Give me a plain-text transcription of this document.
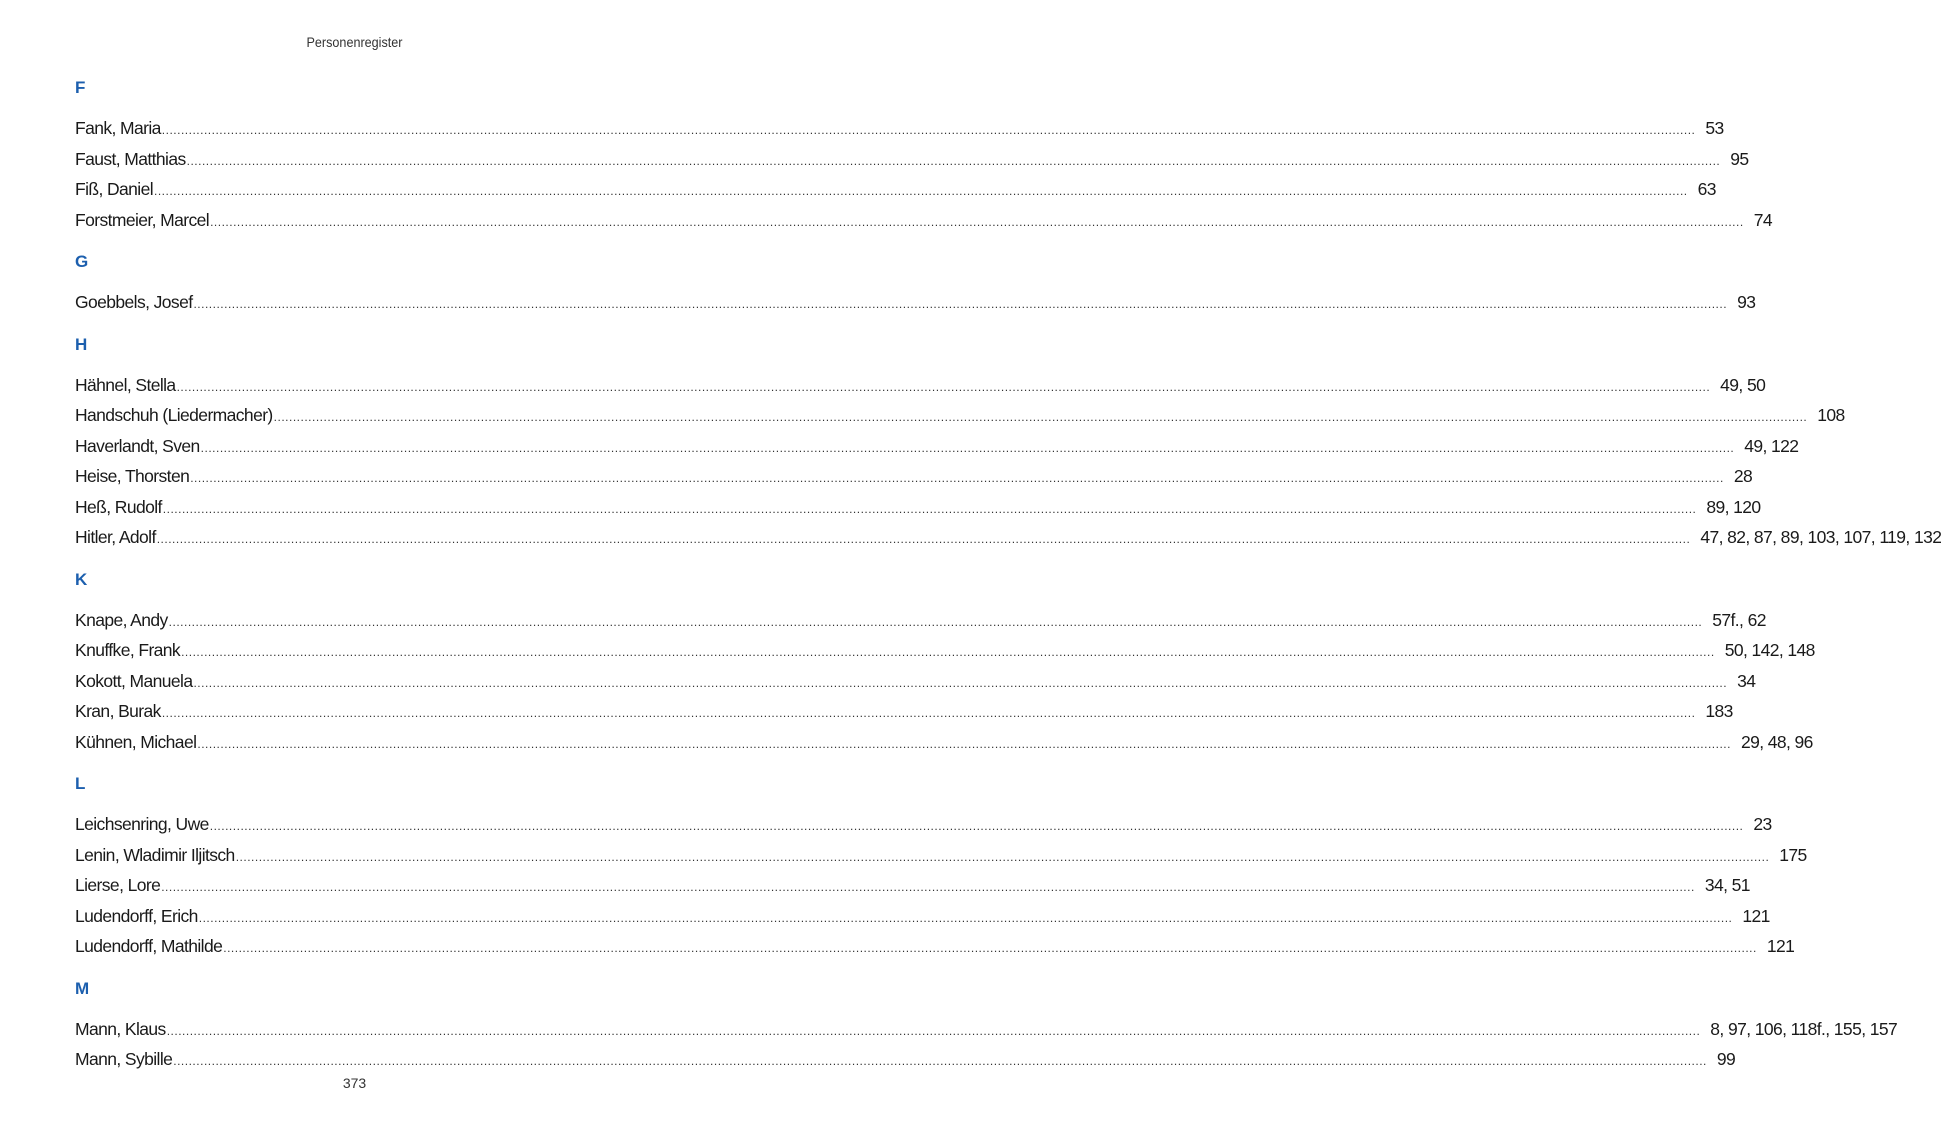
Personenregister
F
Fank, Maria ................................................................................................................................................................................................................................................................................................................................................................................................................ 53
Faust, Matthias ................................................................................................................................................................................................................................................................................................................................................................................................................ 95
Fiß, Daniel ................................................................................................................................................................................................................................................................................................................................................................................................................ 63
Forstmeier, Marcel ................................................................................................................................................................................................................................................................................................................................................................................................................ 74
G
Goebbels, Josef ................................................................................................................................................................................................................................................................................................................................................................................................................ 93
H
Hähnel, Stella ................................................................................................................................................................................................................................................................................................................................................................................................................ 49, 50
Handschuh (Liedermacher) ................................................................................................................................................................................................................................................................................................................................................................................................................ 108
Haverlandt, Sven ................................................................................................................................................................................................................................................................................................................................................................................................................ 49, 122
Heise, Thorsten ................................................................................................................................................................................................................................................................................................................................................................................................................ 28
Heß, Rudolf ................................................................................................................................................................................................................................................................................................................................................................................................................ 89, 120
Hitler, Adolf ................................................................................................................................................................................................................................................................................................................................................................................................................ 47, 82, 87, 89, 103, 107, 119, 132
K
Knape, Andy ................................................................................................................................................................................................................................................................................................................................................................................................................ 57f., 62
Knuffke, Frank ................................................................................................................................................................................................................................................................................................................................................................................................................ 50, 142, 148
Kokott, Manuela ................................................................................................................................................................................................................................................................................................................................................................................................................ 34
Kran, Burak ................................................................................................................................................................................................................................................................................................................................................................................................................ 183
Kühnen, Michael ................................................................................................................................................................................................................................................................................................................................................................................................................ 29, 48, 96
L
Leichsenring, Uwe ................................................................................................................................................................................................................................................................................................................................................................................................................ 23
Lenin, Wladimir Iljitsch ................................................................................................................................................................................................................................................................................................................................................................................................................ 175
Lierse, Lore ................................................................................................................................................................................................................................................................................................................................................................................................................ 34, 51
Ludendorff, Erich ................................................................................................................................................................................................................................................................................................................................................................................................................ 121
Ludendorff, Mathilde ................................................................................................................................................................................................................................................................................................................................................................................................................ 121
M
Mann, Klaus ................................................................................................................................................................................................................................................................................................................................................................................................................ 8, 97, 106, 118f., 155, 157
Mann, Sybille ................................................................................................................................................................................................................................................................................................................................................................................................................ 99
373
